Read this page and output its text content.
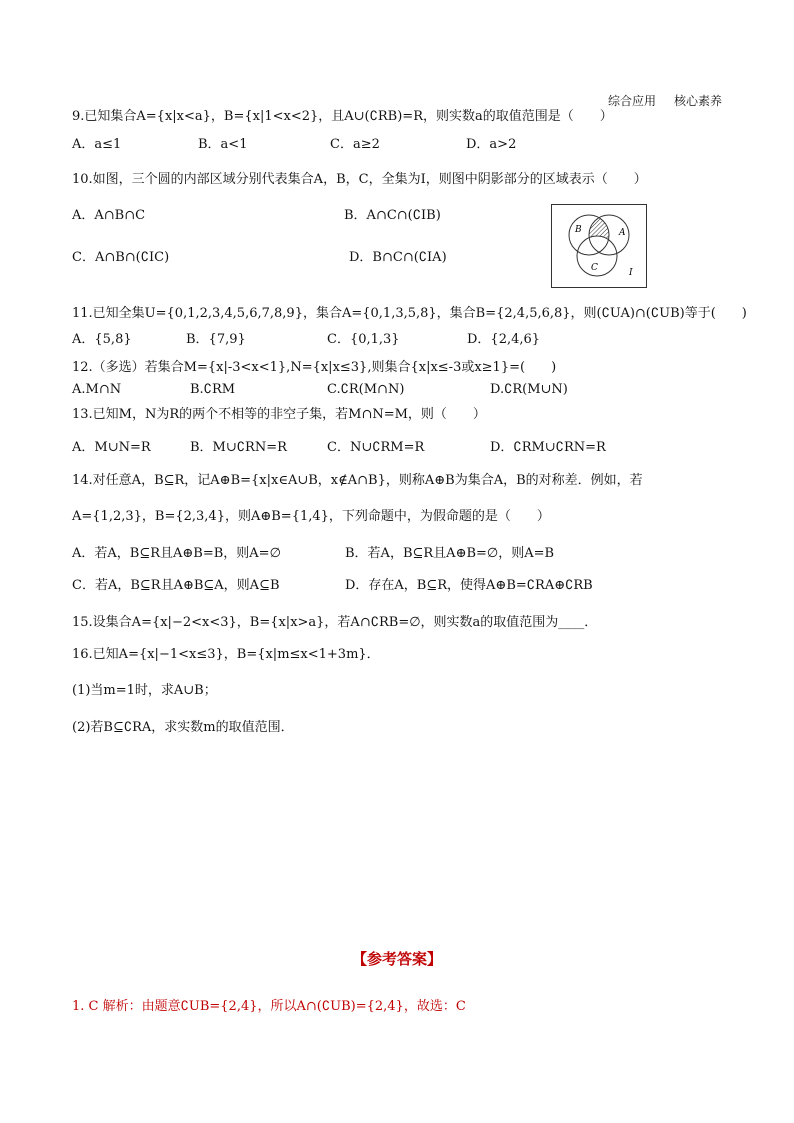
综合应用 核心素养
9.已知集合A={x|x<a}，B={x|1<x<2}，且A∪(∁RB)=R，则实数a的取值范围是（　　）
A．a≤1	B．a<1	C．a≥2	D．a>2
10.如图，三个圆的内部区域分别代表集合A，B，C，全集为I，则图中阴影部分的区域表示（　　）
A．A∩B∩C	B．A∩C∩(∁IB)
C．A∩B∩(∁IC)	D．B∩C∩(∁IA)
B	A
C	I
11.已知全集U={0,1,2,3,4,5,6,7,8,9}，集合A={0,1,3,5,8}，集合B={2,4,5,6,8}，则(∁UA)∩(∁UB)等于(　　)
A．{5,8}	B．{7,9}	C．{0,1,3}	D．{2,4,6}
12.（多选）若集合M={x|-3<x<1},N={x|x≤3},则集合{x|x≤-3或x≥1}=(　　)
A.M∩N	B.∁RM	C.∁R(M∩N)	D.∁R(M∪N)
13.已知M，N为R的两个不相等的非空子集，若M∩N=M，则（　　）
A．M∪N=R	B．M∪∁RN=R	C．N∪∁RM=R	D．∁RM∪∁RN=R
14.对任意A，B⊆R，记A⊕B={x|x∈A∪B，x∉A∩B}，则称A⊕B为集合A，B的对称差．例如，若
A={1,2,3}，B={2,3,4}，则A⊕B={1,4}，下列命题中，为假命题的是（　　）
A．若A，B⊆R且A⊕B=B，则A=∅	B．若A，B⊆R且A⊕B=∅，则A=B
C．若A，B⊆R且A⊕B⊆A，则A⊆B	D．存在A，B⊆R，使得A⊕B=∁RA⊕∁RB
15.设集合A={x|−2<x<3}，B={x|x>a}，若A∩∁RB=∅，则实数a的取值范围为____．
16.已知A={x|−1<x≤3}，B={x|m≤x<1+3m}．
(1)当m=1时，求A∪B；
(2)若B⊆∁RA，求实数m的取值范围．
【参考答案】
1. C 解析：由题意∁UB={2,4}，所以A∩(∁UB)={2,4}，故选：C
